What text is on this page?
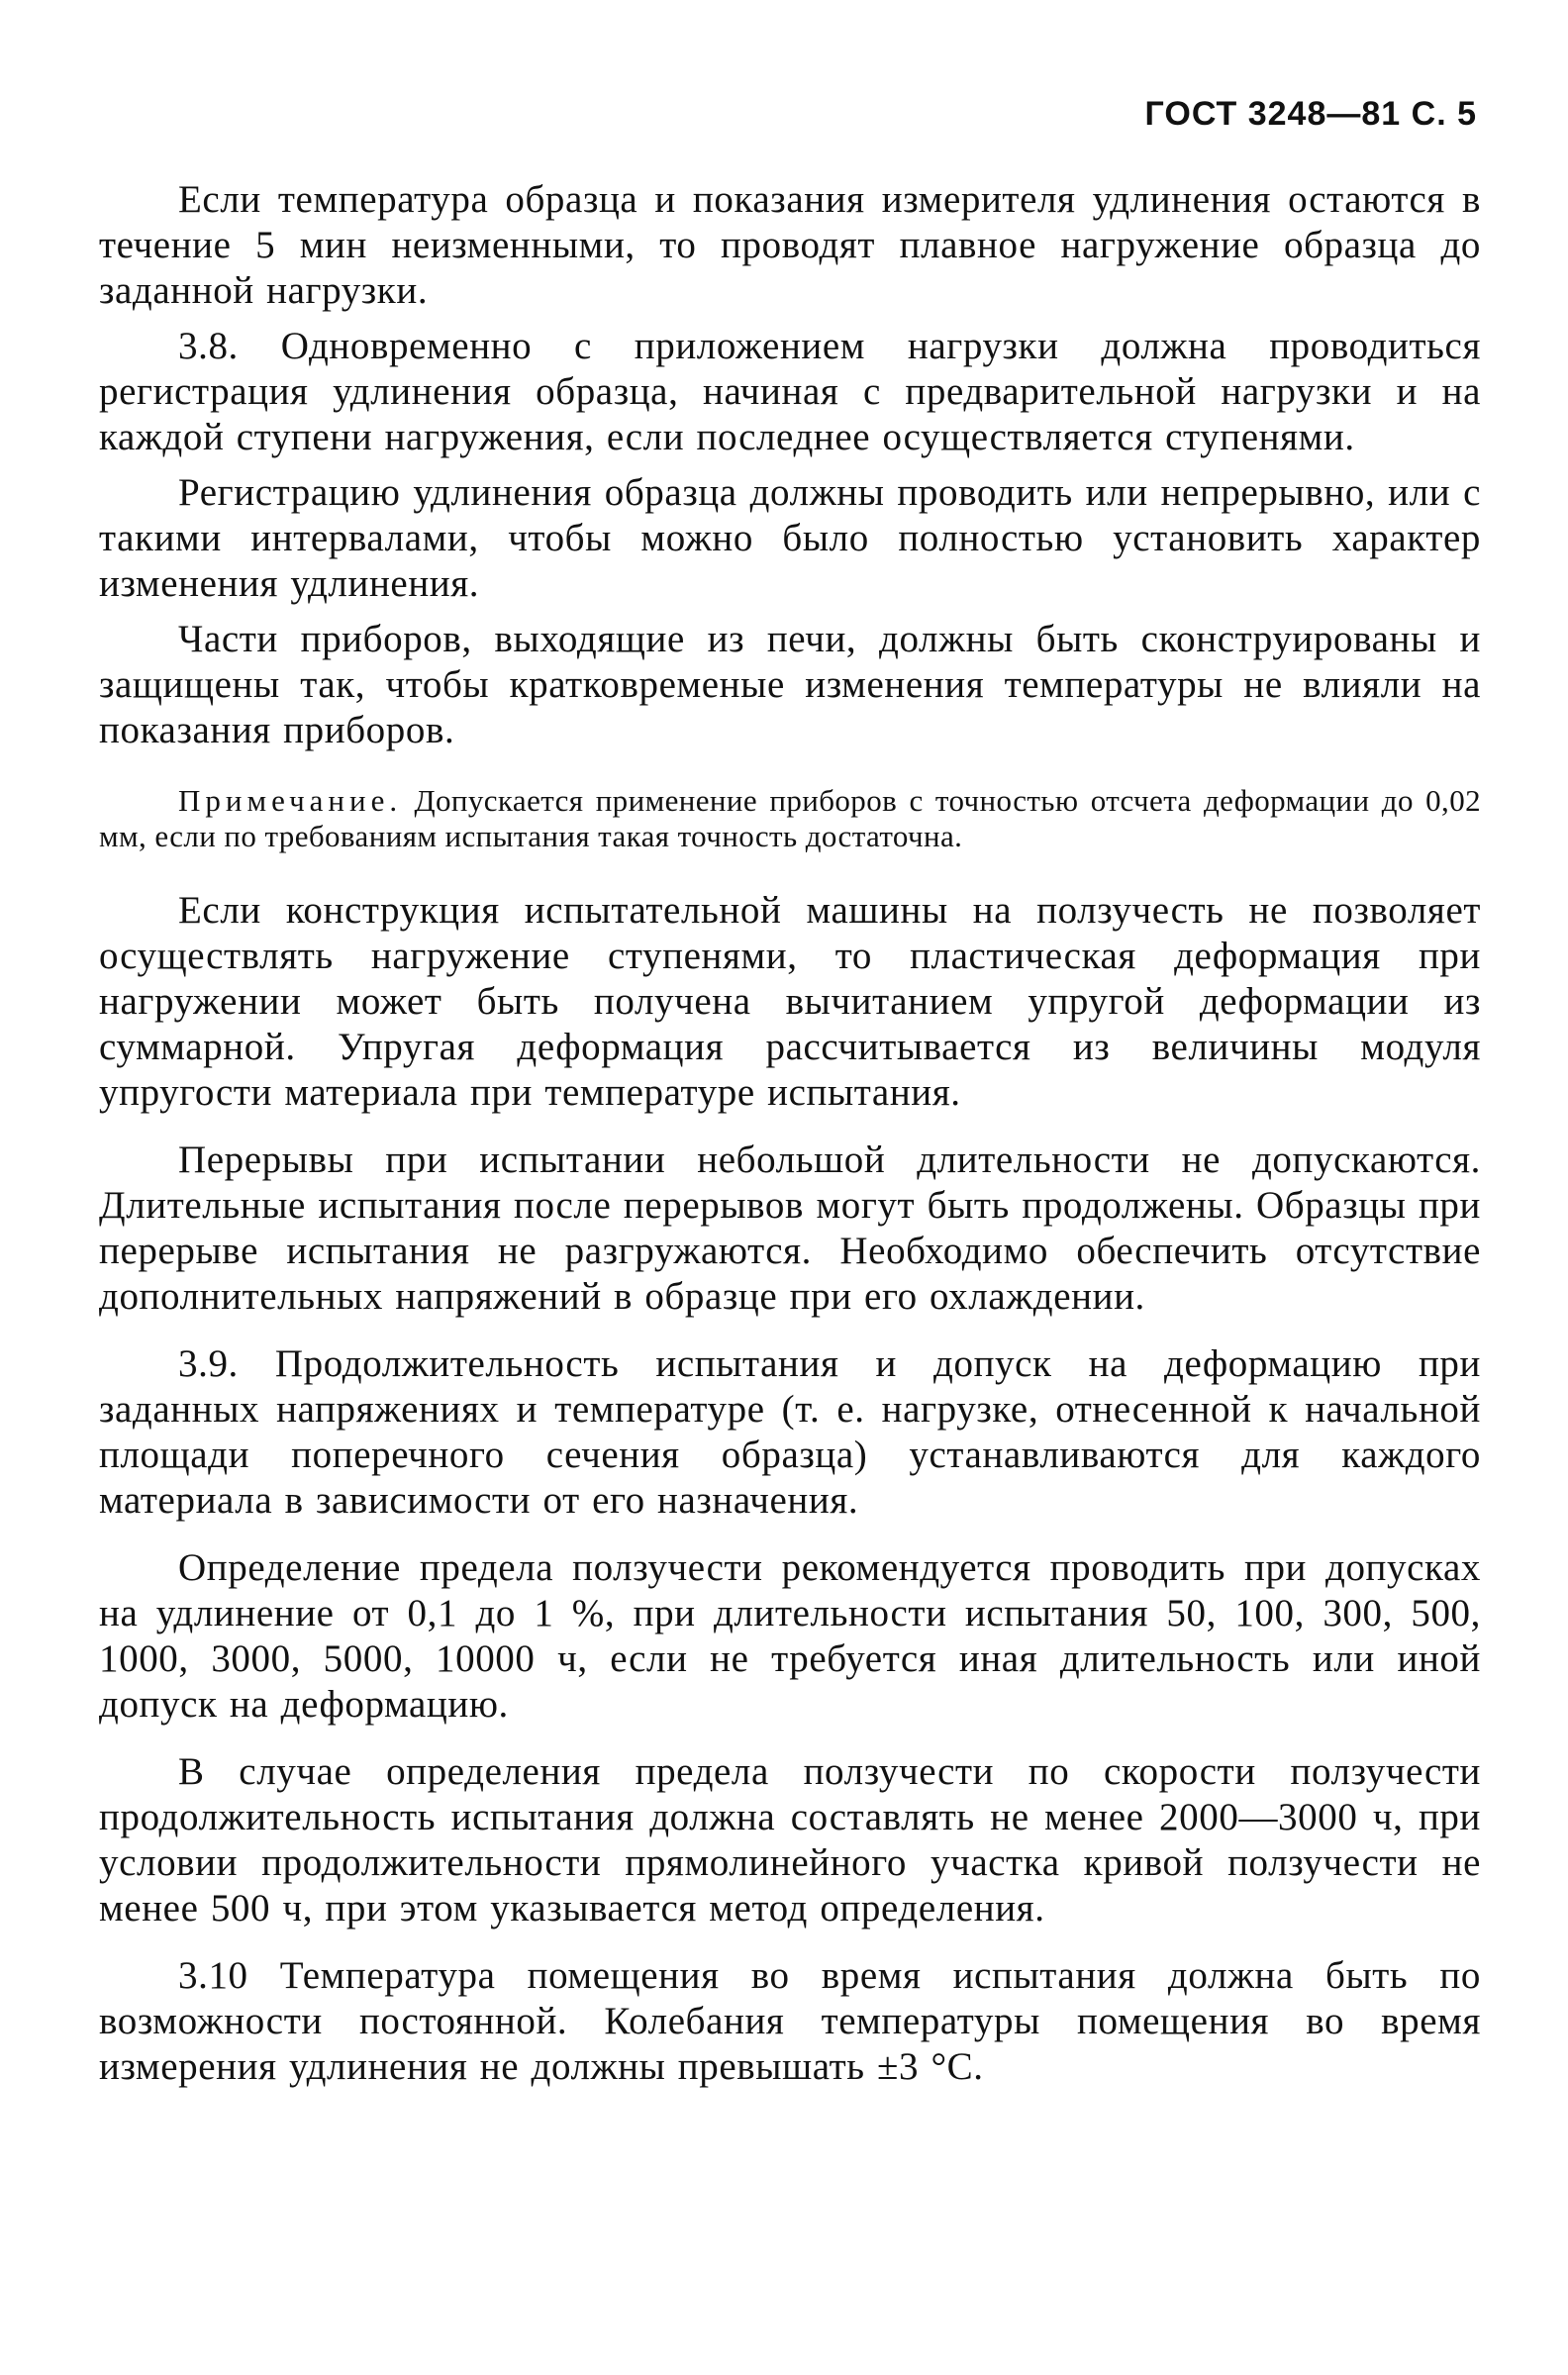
ГОСТ 3248—81 С. 5

Если температура образца и показания измерителя удлинения остаются в течение 5 мин неизменными, то проводят плавное нагружение образца до заданной нагрузки.

3.8. Одновременно с приложением нагрузки должна проводиться регистрация удлинения образца, начиная с предварительной нагрузки и на каждой ступени нагружения, если последнее осуществляется ступенями.

Регистрацию удлинения образца должны проводить или непрерывно, или с такими интервалами, чтобы можно было полностью установить характер изменения удлинения.

Части приборов, выходящие из печи, должны быть сконструированы и защищены так, чтобы кратковременые изменения температуры не влияли на показания приборов.

Примечание. Допускается применение приборов с точностью отсчета деформации до 0,02 мм, если по требованиям испытания такая точность достаточна.

Если конструкция испытательной машины на ползучесть не позволяет осуществлять нагружение ступенями, то пластическая деформация при нагружении может быть получена вычитанием упругой деформации из суммарной. Упругая деформация рассчитывается из величины модуля упругости материала при температуре испытания.

Перерывы при испытании небольшой длительности не допускаются. Длительные испытания после перерывов могут быть продолжены. Образцы при перерыве испытания не разгружаются. Необходимо обеспечить отсутствие дополнительных напряжений в образце при его охлаждении.

3.9. Продолжительность испытания и допуск на деформацию при заданных напряжениях и температуре (т. е. нагрузке, отнесенной к начальной площади поперечного сечения образца) устанавливаются для каждого материала в зависимости от его назначения.

Определение предела ползучести рекомендуется проводить при допусках на удлинение от 0,1 до 1 %, при длительности испытания 50, 100, 300, 500, 1000, 3000, 5000, 10000 ч, если не требуется иная длительность или иной допуск на деформацию.

В случае определения предела ползучести по скорости ползучести продолжительность испытания должна составлять не менее 2000—3000 ч, при условии продолжительности прямолинейного участка кривой ползучести не менее 500 ч, при этом указывается метод определения.

3.10 Температура помещения во время испытания должна быть по возможности постоянной. Колебания температуры помещения во время измерения удлинения не должны превышать ±3 °С.
